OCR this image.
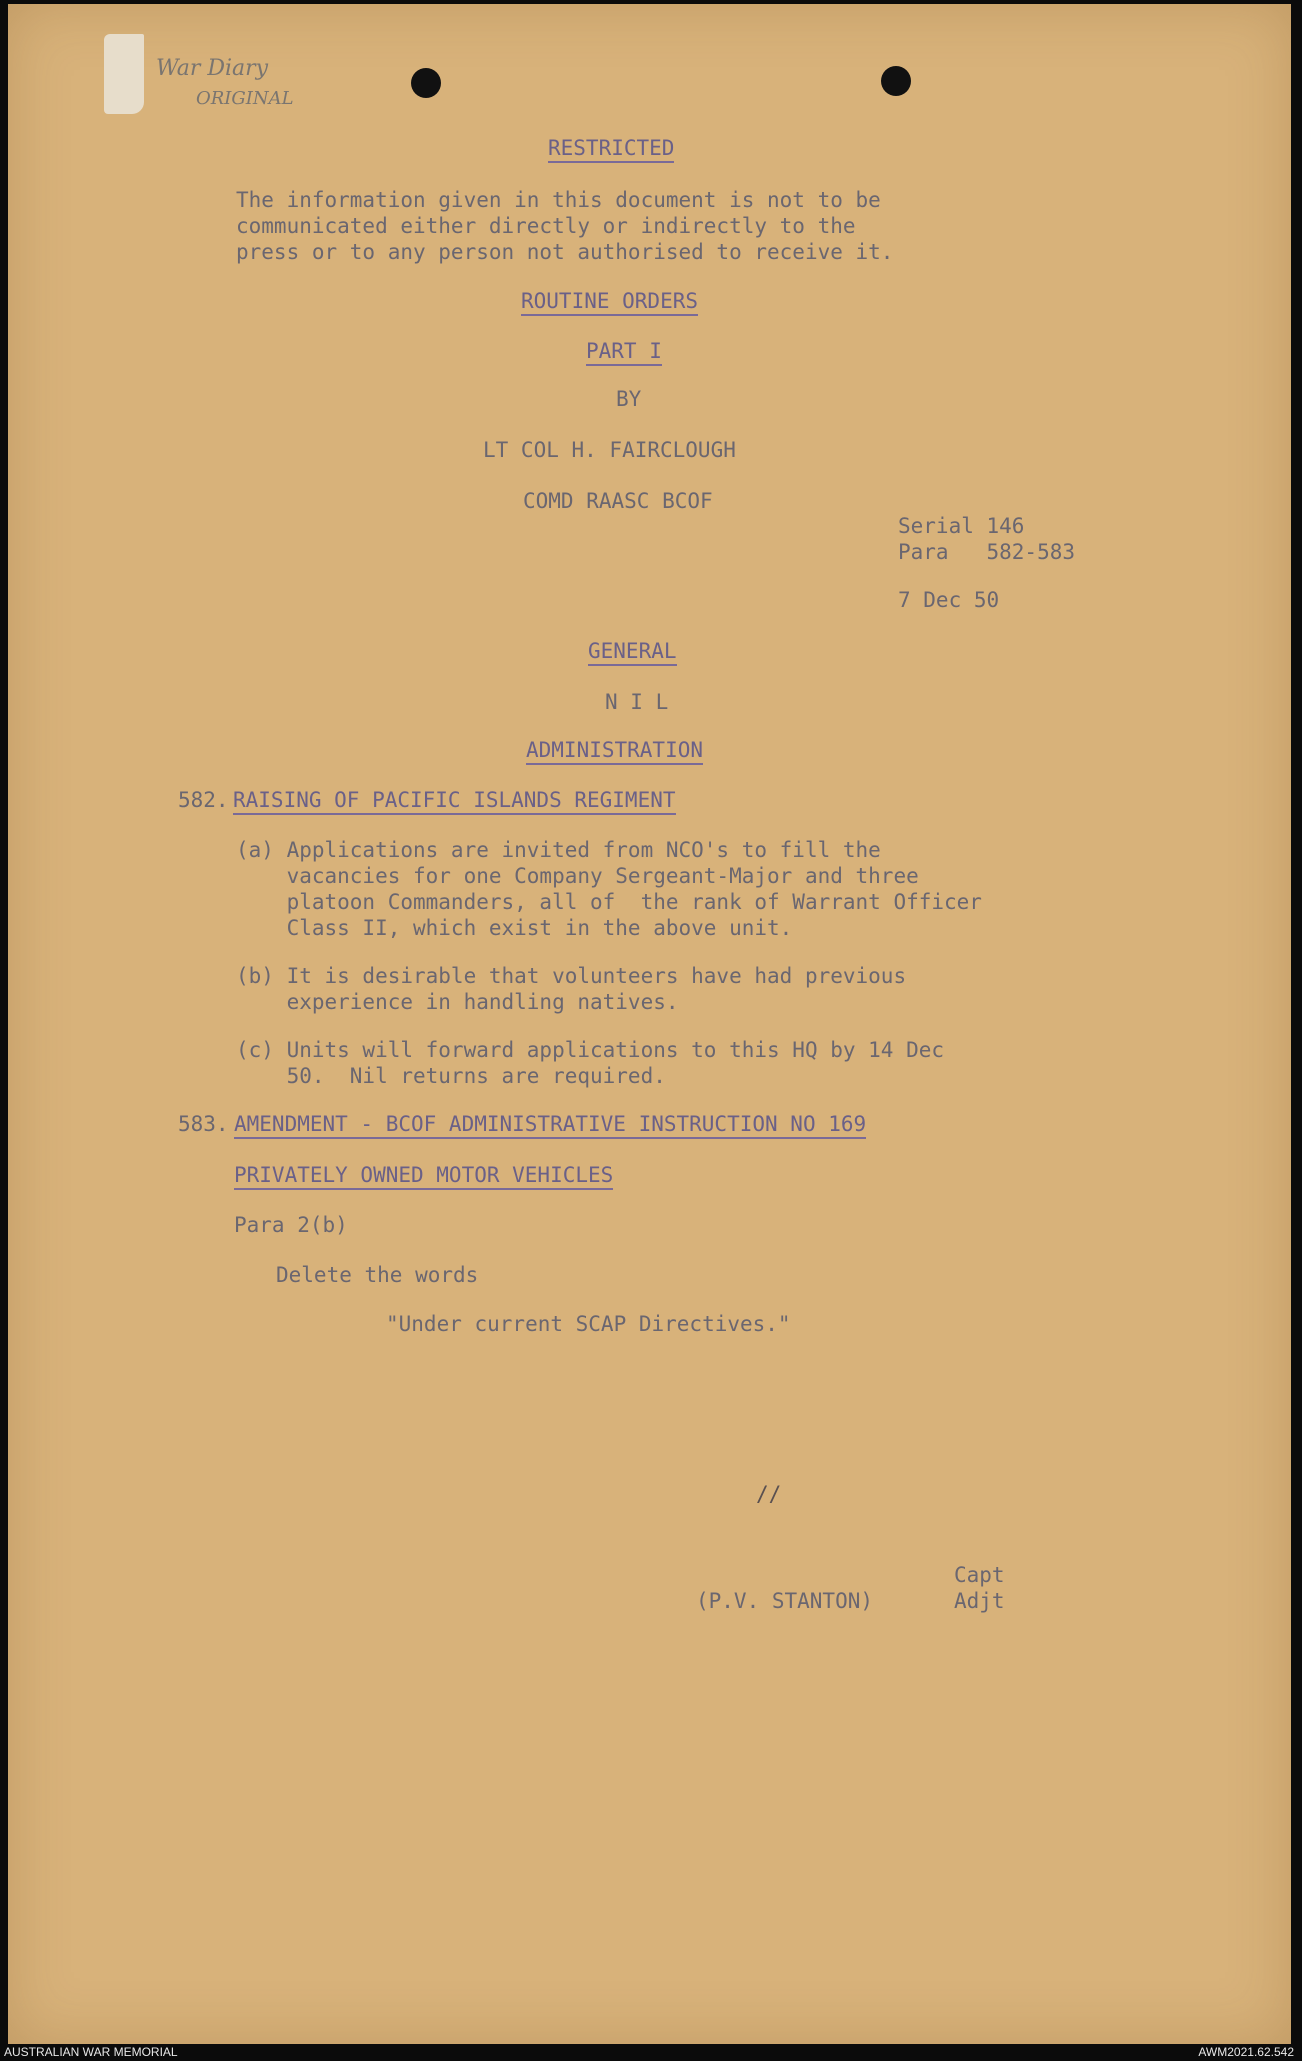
War Diary
ORIGINAL
RESTRICTED
The information given in this document is not to be
communicated either directly or indirectly to the
press or to any person not authorised to receive it.
ROUTINE ORDERS
PART I
BY
LT COL H. FAIRCLOUGH
COMD RAASC BCOF
Serial 146
Para   582-583
7 Dec 50
GENERAL
N I L
ADMINISTRATION
582. RAISING OF PACIFIC ISLANDS REGIMENT
(a) Applications are invited from NCO's to fill the
vacancies for one Company Sergeant-Major and three
platoon Commanders, all of  the rank of Warrant Officer
Class II, which exist in the above unit.
(b) It is desirable that volunteers have had previous
experience in handling natives.
(c) Units will forward applications to this HQ by 14 Dec
50.  Nil returns are required.
583. AMENDMENT - BCOF ADMINISTRATIVE INSTRUCTION NO 169
PRIVATELY OWNED MOTOR VEHICLES
Para 2(b)
Delete the words
"Under current SCAP Directives."
//
(P.V. STANTON)
Capt
Adjt
AUSTRALIAN WAR MEMORIAL	AWM2021.62.542
